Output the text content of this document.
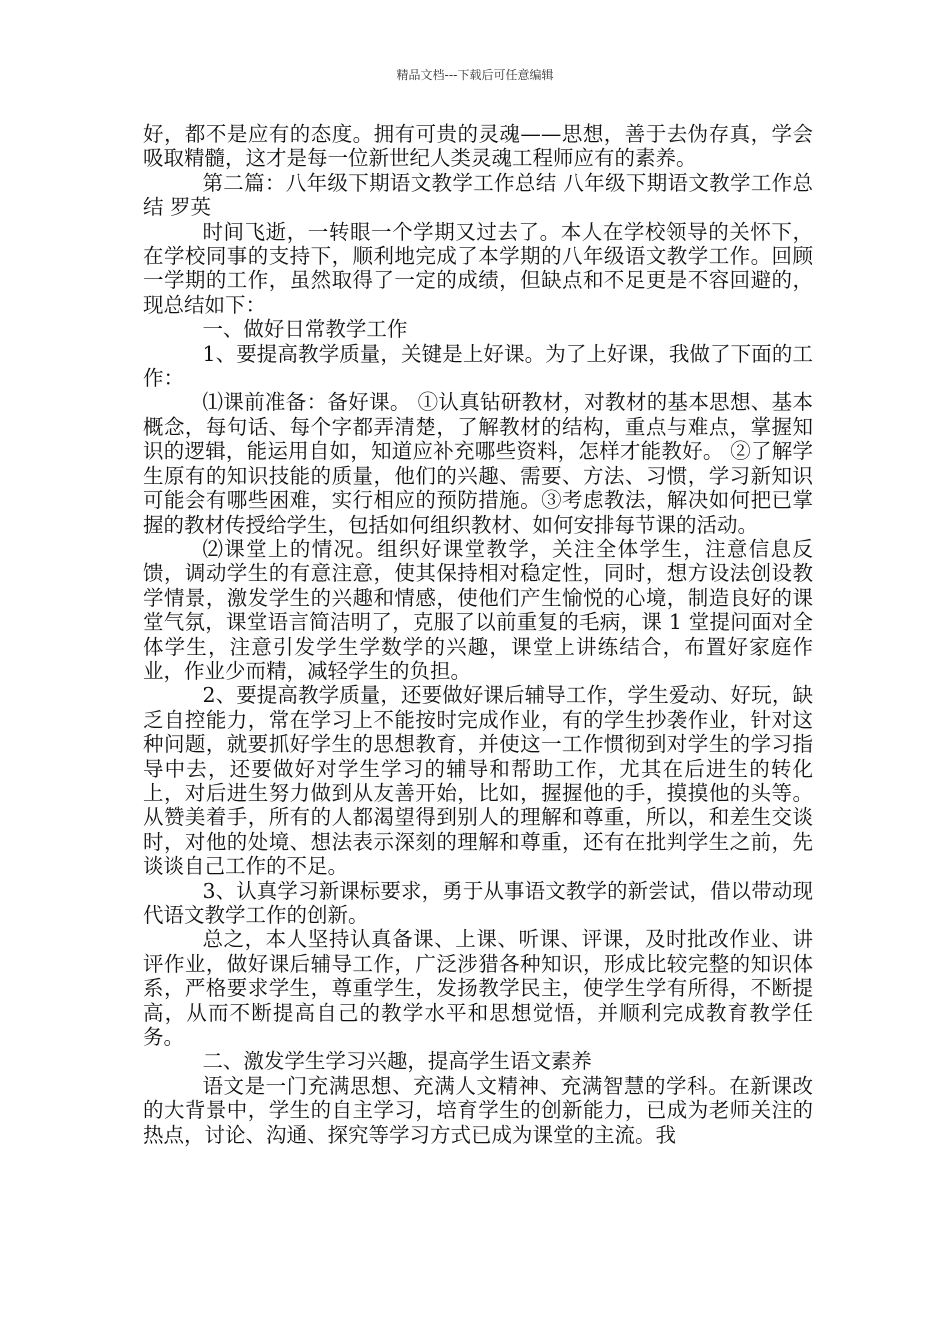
精品文档---下载后可任意编辑

好，都不是应有的态度。拥有可贵的灵魂——思想，善于去伪存真，学会吸取精髓，这才是每一位新世纪人类灵魂工程师应有的素养。

第二篇：八年级下期语文教学工作总结 八年级下期语文教学工作总结 罗英

时间飞逝，一转眼一个学期又过去了。本人在学校领导的关怀下，在学校同事的支持下，顺利地完成了本学期的八年级语文教学工作。回顾一学期的工作，虽然取得了一定的成绩，但缺点和不足更是不容回避的，现总结如下：

一、做好日常教学工作

1、要提高教学质量，关键是上好课。为了上好课，我做了下面的工作：

⑴课前准备：备好课。 ①认真钻研教材，对教材的基本思想、基本概念，每句话、每个字都弄清楚，了解教材的结构，重点与难点，掌握知识的逻辑，能运用自如，知道应补充哪些资料，怎样才能教好。 ②了解学生原有的知识技能的质量，他们的兴趣、需要、方法、习惯，学习新知识可能会有哪些困难，实行相应的预防措施。③考虑教法，解决如何把已掌握的教材传授给学生，包括如何组织教材、如何安排每节课的活动。

⑵课堂上的情况。组织好课堂教学，关注全体学生，注意信息反馈，调动学生的有意注意，使其保持相对稳定性，同时，想方设法创设教学情景，激发学生的兴趣和情感，使他们产生愉悦的心境，制造良好的课堂气氛，课堂语言简洁明了，克服了以前重复的毛病，课 1 堂提问面对全体学生，注意引发学生学数学的兴趣，课堂上讲练结合，布置好家庭作业，作业少而精，减轻学生的负担。

2、要提高教学质量，还要做好课后辅导工作，学生爱动、好玩，缺乏自控能力，常在学习上不能按时完成作业，有的学生抄袭作业，针对这种问题，就要抓好学生的思想教育，并使这一工作惯彻到对学生的学习指导中去，还要做好对学生学习的辅导和帮助工作，尤其在后进生的转化上，对后进生努力做到从友善开始，比如，握握他的手，摸摸他的头等。从赞美着手，所有的人都渴望得到别人的理解和尊重，所以，和差生交谈时，对他的处境、想法表示深刻的理解和尊重，还有在批判学生之前，先谈谈自己工作的不足。

3、认真学习新课标要求，勇于从事语文教学的新尝试，借以带动现代语文教学工作的创新。

总之，本人坚持认真备课、上课、听课、评课，及时批改作业、讲评作业，做好课后辅导工作，广泛涉猎各种知识，形成比较完整的知识体系，严格要求学生，尊重学生，发扬教学民主，使学生学有所得，不断提高，从而不断提高自己的教学水平和思想觉悟，并顺利完成教育教学任务。

二、激发学生学习兴趣，提高学生语文素养

语文是一门充满思想、充满人文精神、充满智慧的学科。在新课改的大背景中，学生的自主学习，培育学生的创新能力，已成为老师关注的热点，讨论、沟通、探究等学习方式已成为课堂的主流。我
